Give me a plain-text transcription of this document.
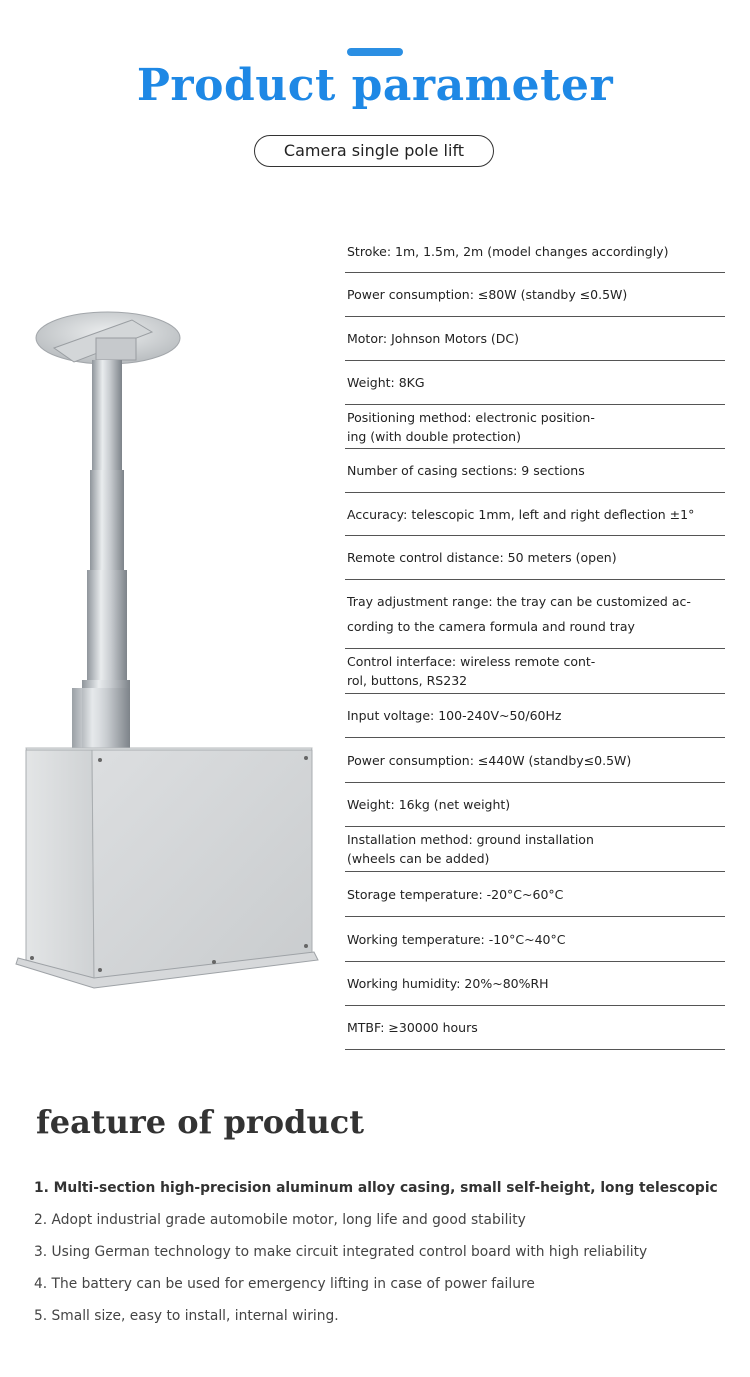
Product parameter
Camera single pole lift
Stroke: 1m, 1.5m, 2m (model changes accordingly)
Power consumption: ≤80W (standby ≤0.5W)
Motor: Johnson Motors (DC)
Weight: 8KG
Positioning method: electronic position-
ing (with double protection)
Number of casing sections: 9 sections
Accuracy: telescopic 1mm, left and right deflection ±1°
Remote control distance: 50 meters (open)
Tray adjustment range: the tray can be customized ac-
cording to the camera formula and round tray
Control interface: wireless remote cont-
rol, buttons, RS232
Input voltage: 100-240V~50/60Hz
Power consumption: ≤440W (standby≤0.5W)
Weight: 16kg (net weight)
Installation method: ground installation
(wheels can be added)
Storage temperature: -20°C~60°C
Working temperature: -10°C~40°C
Working humidity: 20%~80%RH
MTBF: ≥30000 hours
feature of product
1. Multi-section high-precision aluminum alloy casing, small self-height, long telescopic
2. Adopt industrial grade automobile motor, long life and good stability
3. Using German technology to make circuit integrated control board with high reliability
4. The battery can be used for emergency lifting in case of power failure
5. Small size, easy to install, internal wiring.
